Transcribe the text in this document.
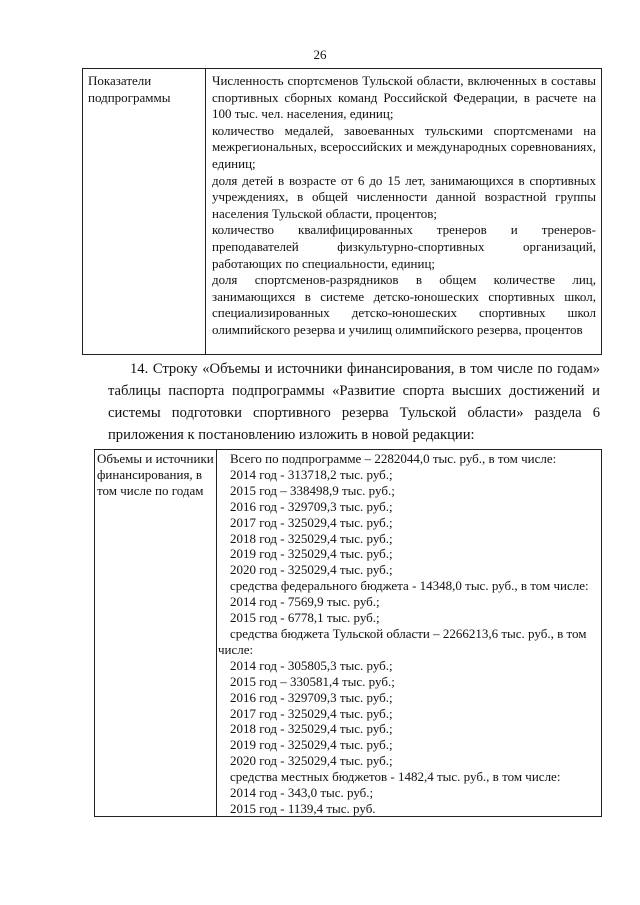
26
Показатели подпрограммы

Численность спортсменов Тульской области, включенных в составы спортивных сборных команд Российской Федерации, в расчете на 100 тыс. чел. населения, единиц;

количество медалей, завоеванных тульскими спортсменами на межрегиональных, всероссийских и международных соревнованиях, единиц;

доля детей в возрасте от 6 до 15 лет, занимающихся в спортивных учреждениях, в общей численности данной возрастной группы населения Тульской области, процентов;

количество квалифицированных тренеров и тренеров-преподавателей физкультурно-спортивных организаций, работающих по специальности, единиц;

доля спортсменов-разрядников в общем количестве лиц, занимающихся в системе детско-юношеских спортивных школ, специализированных детско-юношеских спортивных школ олимпийского резерва и училищ олимпийского резерва, процентов

14. Строку «Объемы и источники финансирования, в том числе по годам» таблицы паспорта подпрограммы «Развитие спорта высших достижений и системы подготовки спортивного резерва Тульской области» раздела 6 приложения к постановлению изложить в новой редакции:
Объемы и источники финансирования, в том числе по годам

Всего по подпрограмме – 2282044,0 тыс. руб., в том числе:

2014 год - 313718,2 тыс. руб.;

2015 год – 338498,9 тыс. руб.;

2016 год - 329709,3 тыс. руб.;

2017 год - 325029,4 тыс. руб.;

2018 год - 325029,4 тыс. руб.;

2019 год - 325029,4 тыс. руб.;

2020 год - 325029,4 тыс. руб.;

средства федерального бюджета - 14348,0 тыс. руб., в том числе:

2014 год - 7569,9 тыс. руб.;

2015 год - 6778,1 тыс. руб.;

средства бюджета Тульской области – 2266213,6 тыс. руб., в том числе:

2014 год - 305805,3 тыс. руб.;

2015 год – 330581,4 тыс. руб.;

2016 год - 329709,3 тыс. руб.;

2017 год - 325029,4 тыс. руб.;

2018 год - 325029,4 тыс. руб.;

2019 год - 325029,4 тыс. руб.;

2020 год - 325029,4 тыс. руб.;

средства местных бюджетов - 1482,4 тыс. руб., в том числе:

2014 год - 343,0 тыс. руб.;

2015 год - 1139,4 тыс. руб.
